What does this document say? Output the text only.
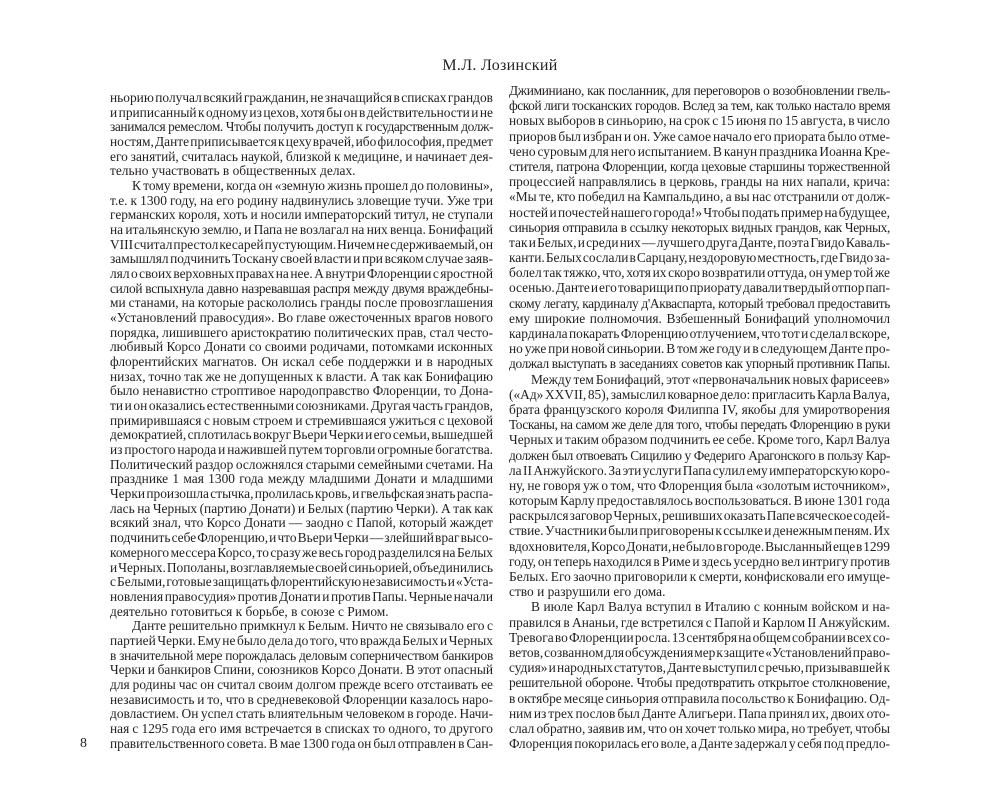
М.Л. Лозинский
ньорию получал всякий гражданин, не значащийся в списках грандов
и приписанный к одному из цехов, хотя бы он в действительности и не
занимался ремеслом. Чтобы получить доступ к государственным долж-
ностям, Данте приписывается к цеху врачей, ибо философия, предмет
его занятий, считалась наукой, близкой к медицине, и начинает дея-
тельно участвовать в общественных делах.
К тому времени, когда он «земную жизнь прошел до половины»,
т.е. к 1300 году, на его родину надвинулись зловещие тучи. Уже три
германских короля, хоть и носили императорский титул, не ступали
на итальянскую землю, и Папа не возлагал на них венца. Бонифаций
VIII считал престол кесарей пустующим. Ничем не сдерживаемый, он
замышлял подчинить Тоскану своей власти и при всяком случае заяв-
лял о своих верховных правах на нее. А внутри Флоренции с яростной
силой вспыхнула давно назревавшая распря между двумя враждебны-
ми станами, на которые раскололись гранды после провозглашения
«Установлений правосудия». Во главе ожесточенных врагов нового
порядка, лишившего аристократию политических прав, стал често-
любивый Корсо Донати со своими родичами, потомками исконных
флорентийских магнатов. Он искал себе поддержки и в народных
низах, точно так же не допущенных к власти. А так как Бонифацию
было ненавистно строптивое народоправство Флоренции, то Дона-
ти и он оказались естественными союзниками. Другая часть грандов,
примирившаяся с новым строем и стремившаяся ужиться с цеховой
демократией, сплотилась вокруг Вьери Черки и его семьи, вышедшей
из простого народа и нажившей путем торговли огромные богатства.
Политический раздор осложнялся старыми семейными счетами. На
празднике 1 мая 1300 года между младшими Донати и младшими
Черки произошла стычка, пролилась кровь, и гвельфская знать распа-
лась на Черных (партию Донати) и Белых (партию Черки). А так как
всякий знал, что Корсо Донати — заодно с Папой, который жаждет
подчинить себе Флоренцию, и что Вьери Черки — злейший враг высо-
комерного мессера Корсо, то сразу же весь город разделился на Белых
и Черных. Пополаны, возглавляемые своей синьорией, объединились
с Белыми, готовые защищать флорентийскую независимость и «Уста-
новления правосудия» против Донати и против Папы. Черные начали
деятельно готовиться к борьбе, в союзе с Римом.
Данте решительно примкнул к Белым. Ничто не связывало его с
партией Черки. Ему не было дела до того, что вражда Белых и Черных
в значительной мере порождалась деловым соперничеством банкиров
Черки и банкиров Спини, союзников Корсо Донати. В этот опасный
для родины час он считал своим долгом прежде всего отстаивать ее
независимость и то, что в средневековой Флоренции казалось наро-
довластием. Он успел стать влиятельным человеком в городе. Начи-
ная с 1295 года его имя встречается в списках то одного, то другого
правительственного совета. В мае 1300 года он был отправлен в Сан-
Джиминиано, как посланник, для переговоров о возобновлении гвель-
фской лиги тосканских городов. Вслед за тем, как только настало время
новых выборов в синьорию, на срок с 15 июня по 15 августа, в число
приоров был избран и он. Уже самое начало его приората было отме-
чено суровым для него испытанием. В канун праздника Иоанна Кре-
стителя, патрона Флоренции, когда цеховые старшины торжественной
процессией направлялись в церковь, гранды на них напали, крича:
«Мы те, кто победил на Кампальдино, а вы нас отстранили от долж-
ностей и почестей нашего города!» Чтобы подать пример на будущее,
синьория отправила в ссылку некоторых видных грандов, как Черных,
так и Белых, и среди них — лучшего друга Данте, поэта Гвидо Каваль-
канти. Белых сослали в Сарцану, нездоровую местность, где Гвидо за-
болел так тяжко, что, хотя их скоро возвратили оттуда, он умер той же
осенью. Данте и его товарищи по приорату давали твердый отпор пап-
скому легату, кардиналу д'Акваспарта, который требовал предоставить
ему широкие полномочия. Взбешенный Бонифаций уполномочил
кардинала покарать Флоренцию отлучением, что тот и сделал вскоре,
но уже при новой синьории. В том же году и в следующем Данте про-
должал выступать в заседаниях советов как упорный противник Папы.
Между тем Бонифаций, этот «первоначальник новых фарисеев»
(«Ад» XXVII, 85), замыслил коварное дело: пригласить Карла Валуа,
брата французского короля Филиппа IV, якобы для умиротворения
Тосканы, на самом же деле для того, чтобы передать Флоренцию в руки
Черных и таким образом подчинить ее себе. Кроме того, Карл Валуа
должен был отвоевать Сицилию у Федериго Арагонского в пользу Кар-
ла II Анжуйского. За эти услуги Папа сулил ему императорскую коро-
ну, не говоря уж о том, что Флоренция была «золотым источником»,
которым Карлу предоставлялось воспользоваться. В июне 1301 года
раскрылся заговор Черных, решивших оказать Папе всяческое содей-
ствие. Участники были приговорены к ссылке и денежным пеням. Их
вдохновителя, Корсо Донати, не было в городе. Высланный еще в 1299
году, он теперь находился в Риме и здесь усердно вел интригу против
Белых. Его заочно приговорили к смерти, конфисковали его имуще-
ство и разрушили его дома.
В июле Карл Валуа вступил в Италию с конным войском и на-
правился в Ананьи, где встретился с Папой и Карлом II Анжуйским.
Тревога во Флоренции росла. 13 сентября на общем собрании всех со-
ветов, созванном для обсуждения мер к защите «Установлений право-
судия» и народных статутов, Данте выступил с речью, призывавшей к
решительной обороне. Чтобы предотвратить открытое столкновение,
в октябре месяце синьория отправила посольство к Бонифацию. Од-
ним из трех послов был Данте Алигьери. Папа принял их, двоих ото-
слал обратно, заявив им, что он хочет только мира, но требует, чтобы
Флоренция покорилась его воле, а Данте задержал у себя под предло-
8
